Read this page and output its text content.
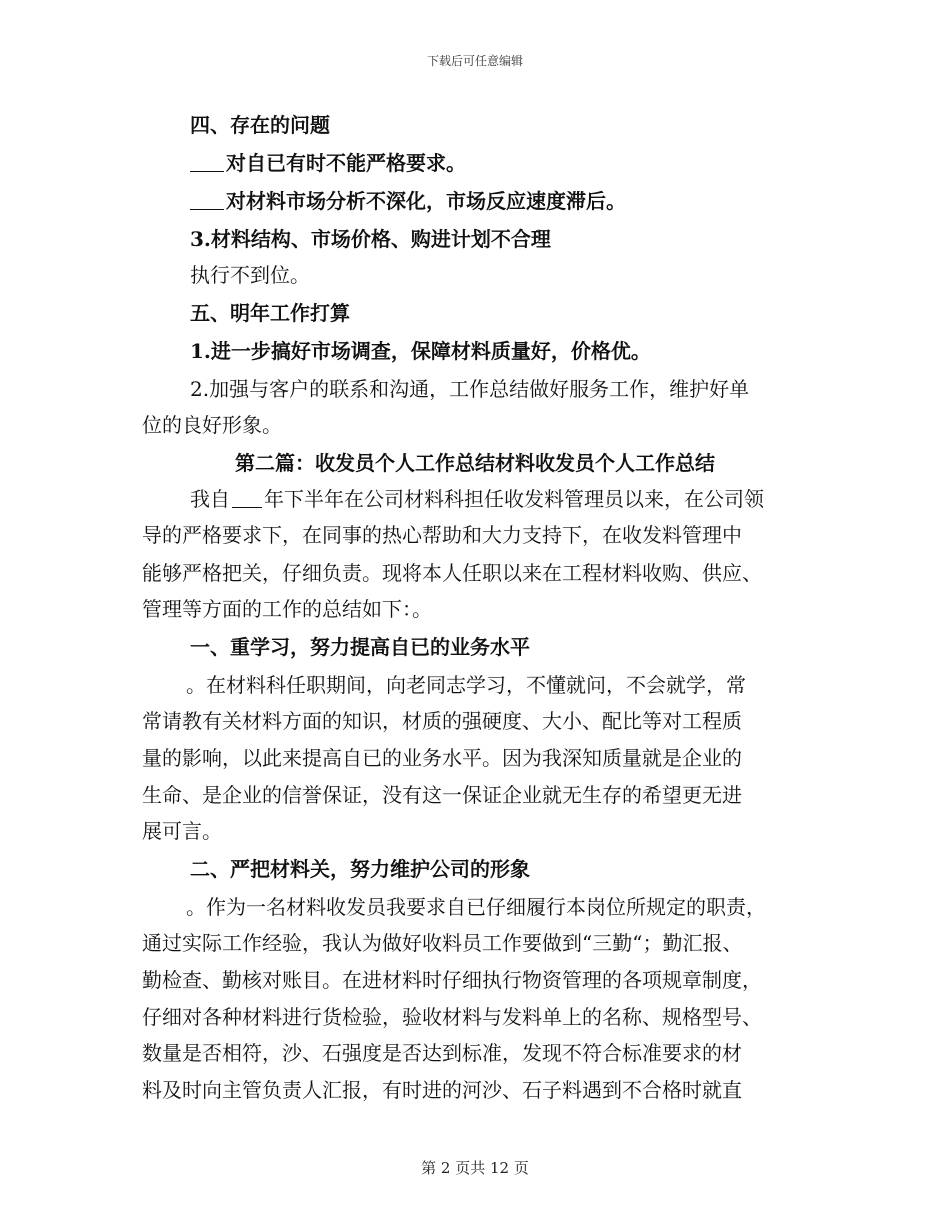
下载后可任意编辑
四、存在的问题
对自已有时不能严格要求。
对材料市场分析不深化，市场反应速度滞后。
3.材料结构、市场价格、购进计划不合理
执行不到位。
五、明年工作打算
1.进一步搞好市场调查，保障材料质量好，价格优。
2.加强与客户的联系和沟通，工作总结做好服务工作，维护好单
位的良好形象。
第二篇：收发员个人工作总结材料收发员个人工作总结
我自 年下半年在公司材料科担任收发料管理员以来，在公司领
导的严格要求下，在同事的热心帮助和大力支持下，在收发料管理中
能够严格把关，仔细负责。现将本人任职以来在工程材料收购、供应、
管理等方面的工作的总结如下：。
一、重学习，努力提高自已的业务水平
。在材料科任职期间，向老同志学习，不懂就问，不会就学，常
常请教有关材料方面的知识，材质的强硬度、大小、配比等对工程质
量的影响，以此来提高自已的业务水平。因为我深知质量就是企业的
生命、是企业的信誉保证，没有这一保证企业就无生存的希望更无进
展可言。
二、严把材料关，努力维护公司的形象
。作为一名材料收发员我要求自已仔细履行本岗位所规定的职责，
通过实际工作经验，我认为做好收料员工作要做到“三勤“；勤汇报、
勤检查、勤核对账目。在进材料时仔细执行物资管理的各项规章制度，
仔细对各种材料进行货检验，验收材料与发料单上的名称、规格型号、
数量是否相符，沙、石强度是否达到标准，发现不符合标准要求的材
料及时向主管负责人汇报，有时进的河沙、石子料遇到不合格时就直
第 2 页共 12 页
